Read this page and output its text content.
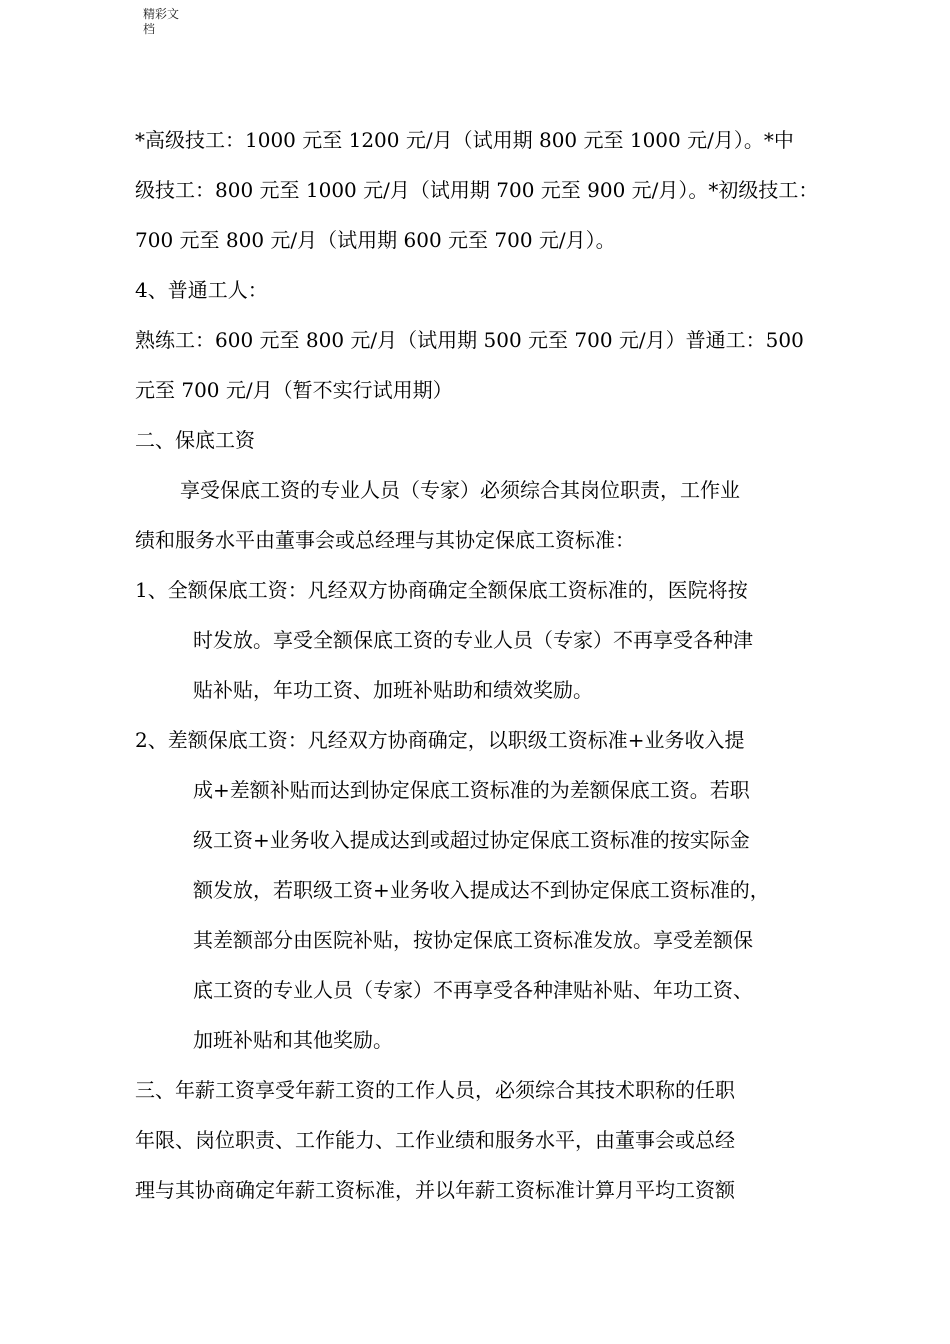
精彩文档
*高级技工：1000 元至 1200 元/月（试用期 800 元至 1000 元/月）。*中
级技工：800 元至 1000 元/月（试用期 700 元至 900 元/月）。*初级技工：
700 元至 800 元/月（试用期 600 元至 700 元/月）。
4、普通工人：
熟练工：600 元至 800 元/月（试用期 500 元至 700 元/月）普通工：500
元至 700 元/月（暂不实行试用期）
二、保底工资
享受保底工资的专业人员（专家）必须综合其岗位职责，工作业
绩和服务水平由董事会或总经理与其协定保底工资标准：
1、全额保底工资：凡经双方协商确定全额保底工资标准的，医院将按
时发放。享受全额保底工资的专业人员（专家）不再享受各种津
贴补贴，年功工资、加班补贴助和绩效奖励。
2、差额保底工资：凡经双方协商确定，以职级工资标准+业务收入提
成+差额补贴而达到协定保底工资标准的为差额保底工资。若职
级工资+业务收入提成达到或超过协定保底工资标准的按实际金
额发放，若职级工资+业务收入提成达不到协定保底工资标准的，
其差额部分由医院补贴，按协定保底工资标准发放。享受差额保
底工资的专业人员（专家）不再享受各种津贴补贴、年功工资、
加班补贴和其他奖励。
三、年薪工资享受年薪工资的工作人员，必须综合其技术职称的任职
年限、岗位职责、工作能力、工作业绩和服务水平，由董事会或总经
理与其协商确定年薪工资标准，并以年薪工资标准计算月平均工资额
